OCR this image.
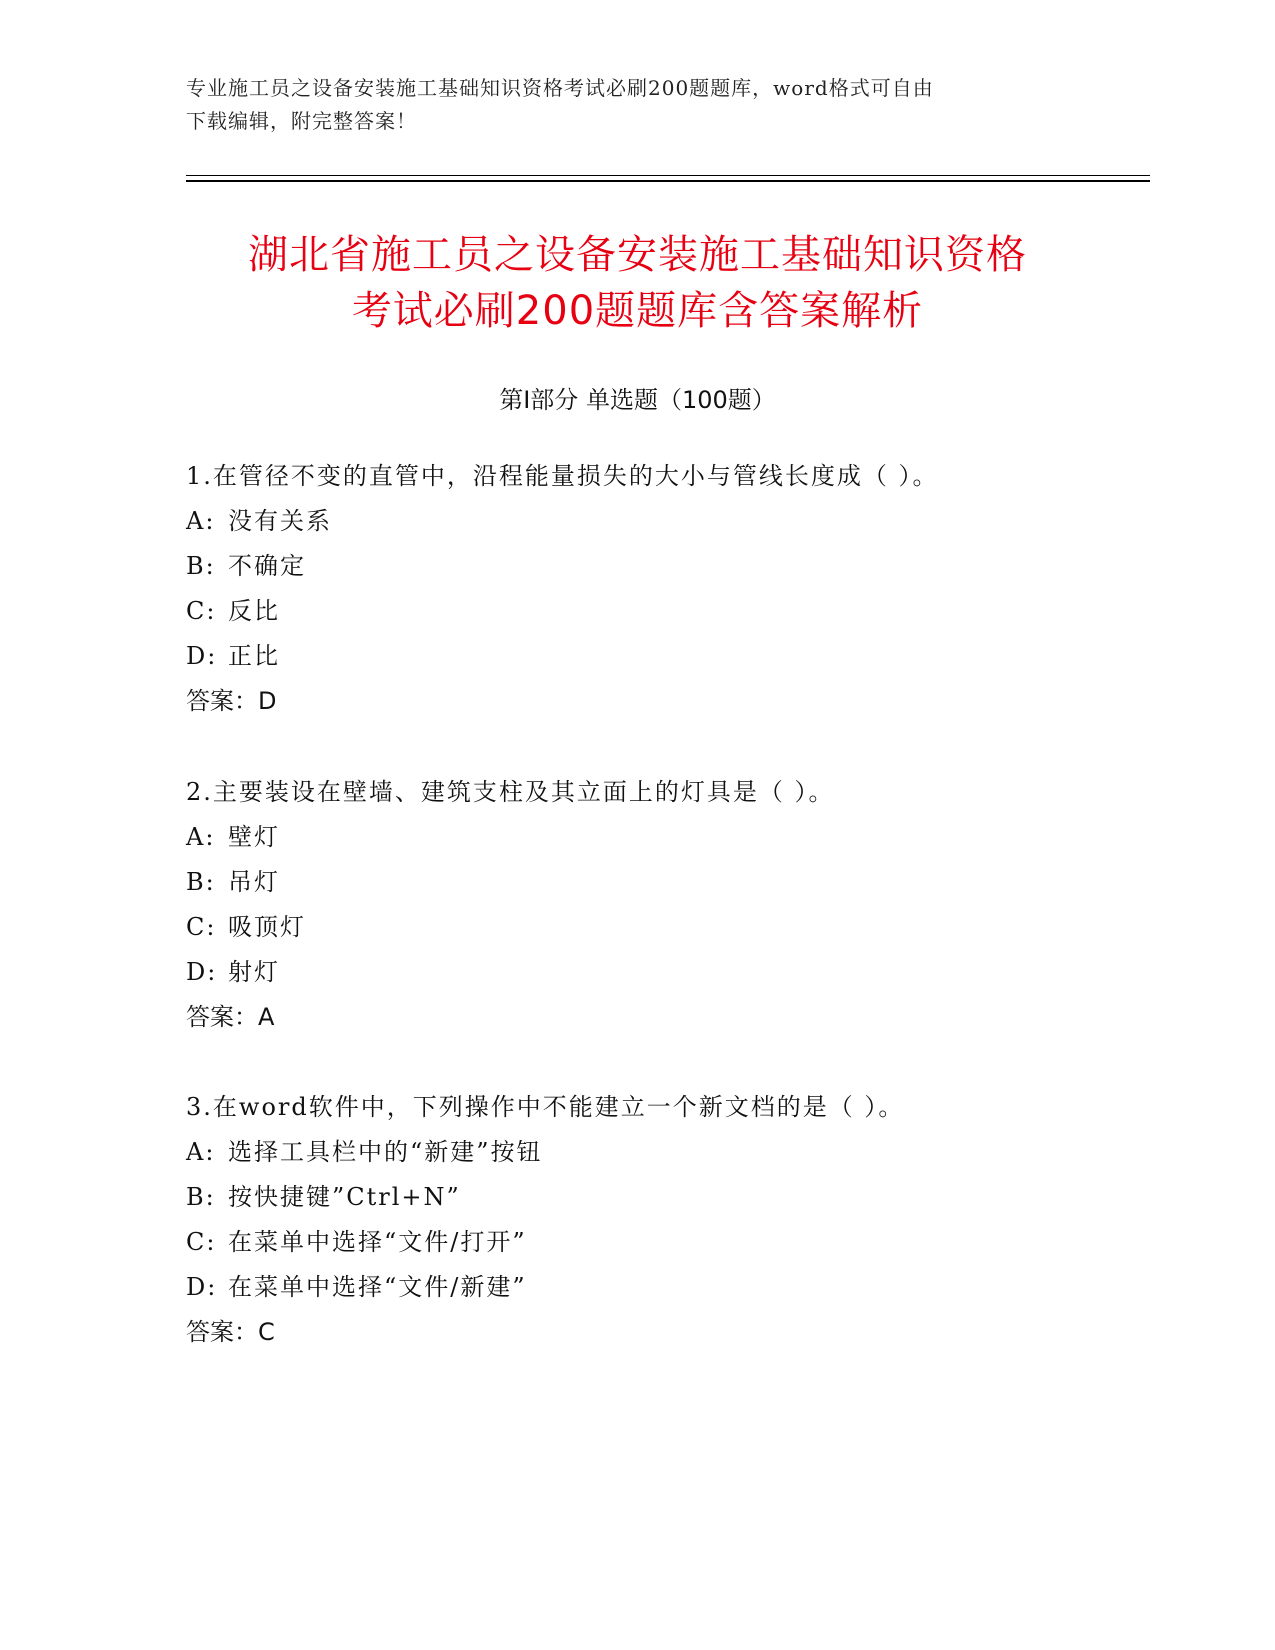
专业施工员之设备安装施工基础知识资格考试必刷200题题库，word格式可自由

下载编辑，附完整答案！

湖北省施工员之设备安装施工基础知识资格

考试必刷200题题库含答案解析

第Ⅰ部分 单选题（100题）
1.在管径不变的直管中，沿程能量损失的大小与管线长度成（ ）。
A: 没有关系
B: 不确定
C: 反比
D: 正比
答案：D
2.主要装设在壁墙、建筑支柱及其立面上的灯具是（ ）。
A: 壁灯
B: 吊灯
C: 吸顶灯
D: 射灯
答案：A
3.在word软件中，下列操作中不能建立一个新文档的是（ ）。
A: 选择工具栏中的“新建”按钮
B: 按快捷键”Ctrl+N”
C: 在菜单中选择“文件/打开”
D: 在菜单中选择“文件/新建”
答案：C
